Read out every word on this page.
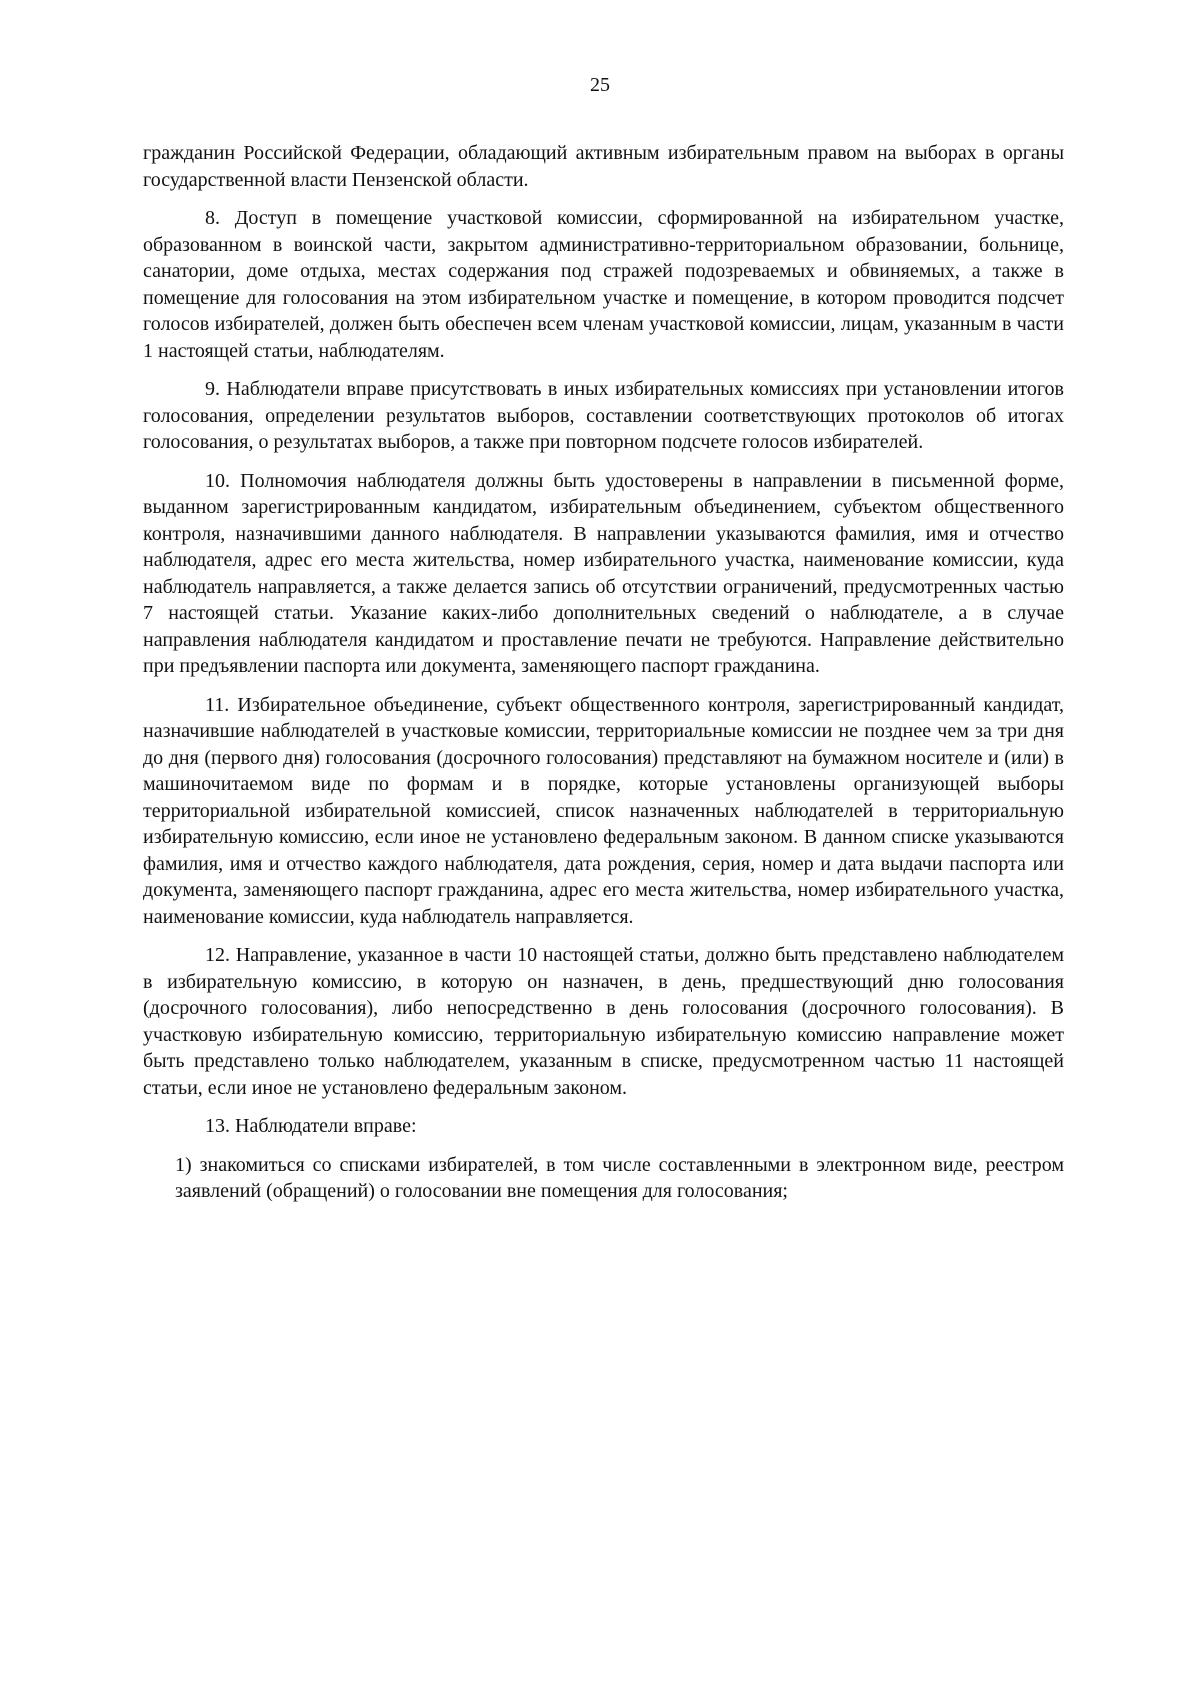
25

гражданин Российской Федерации, обладающий активным избирательным правом на выборах в органы государственной власти Пензенской области.

8. Доступ в помещение участковой комиссии, сформированной на избирательном участке, образованном в воинской части, закрытом административно-территориальном образовании, больнице, санатории, доме отдыха, местах содержания под стражей подозреваемых и обвиняемых, а также в помещение для голосования на этом избирательном участке и помещение, в котором проводится подсчет голосов избирателей, должен быть обеспечен всем членам участковой комиссии, лицам, указанным в части 1 настоящей статьи, наблюдателям.

9. Наблюдатели вправе присутствовать в иных избирательных комиссиях при установлении итогов голосования, определении результатов выборов, составлении соответствующих протоколов об итогах голосования, о результатах выборов, а также при повторном подсчете голосов избирателей.

10. Полномочия наблюдателя должны быть удостоверены в направлении в письменной форме, выданном зарегистрированным кандидатом, избирательным объединением, субъектом общественного контроля, назначившими данного наблюдателя. В направлении указываются фамилия, имя и отчество наблюдателя, адрес его места жительства, номер избирательного участка, наименование комиссии, куда наблюдатель направляется, а также делается запись об отсутствии ограничений, предусмотренных частью 7 настоящей статьи. Указание каких-либо дополнительных сведений о наблюдателе, а в случае направления наблюдателя кандидатом и проставление печати не требуются. Направление действительно при предъявлении паспорта или документа, заменяющего паспорт гражданина.

11. Избирательное объединение, субъект общественного контроля, зарегистрированный кандидат, назначившие наблюдателей в участковые комиссии, территориальные комиссии не позднее чем за три дня до дня (первого дня) голосования (досрочного голосования) представляют на бумажном носителе и (или) в машиночитаемом виде по формам и в порядке, которые установлены организующей выборы территориальной избирательной комиссией, список назначенных наблюдателей в территориальную избирательную комиссию, если иное не установлено федеральным законом. В данном списке указываются фамилия, имя и отчество каждого наблюдателя, дата рождения, серия, номер и дата выдачи паспорта или документа, заменяющего паспорт гражданина, адрес его места жительства, номер избирательного участка, наименование комиссии, куда наблюдатель направляется.

12. Направление, указанное в части 10 настоящей статьи, должно быть представлено наблюдателем в избирательную комиссию, в которую он назначен, в день, предшествующий дню голосования (досрочного голосования), либо непосредственно в день голосования (досрочного голосования). В участковую избирательную комиссию, территориальную избирательную комиссию направление может быть представлено только наблюдателем, указанным в списке, предусмотренном частью 11 настоящей статьи, если иное не установлено федеральным законом.

13. Наблюдатели вправе:

1) знакомиться со списками избирателей, в том числе составленными в электронном виде, реестром заявлений (обращений) о голосовании вне помещения для голосования;
